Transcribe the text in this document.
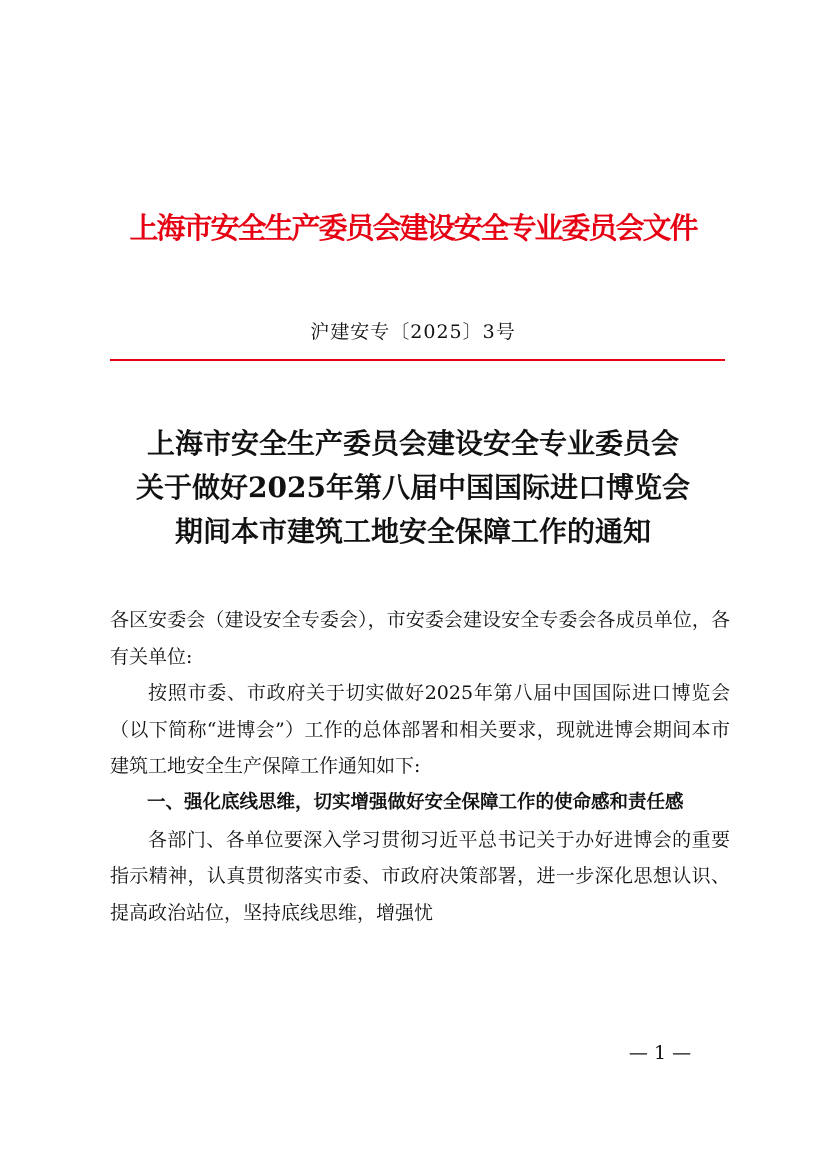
上海市安全生产委员会建设安全专业委员会文件
沪建安专〔2025〕3号
上海市安全生产委员会建设安全专业委员会
关于做好2025年第八届中国国际进口博览会
期间本市建筑工地安全保障工作的通知

各区安委会（建设安全专委会），市安委会建设安全专委会各成员单位，各有关单位:

按照市委、市政府关于切实做好2025年第八届中国国际进口博览会（以下简称“进博会”）工作的总体部署和相关要求，现就进博会期间本市建筑工地安全生产保障工作通知如下:

一、强化底线思维，切实增强做好安全保障工作的使命感和责任感

各部门、各单位要深入学习贯彻习近平总书记关于办好进博会的重要指示精神，认真贯彻落实市委、市政府决策部署，进一步深化思想认识、提高政治站位，坚持底线思维，增强忧

— 1 —
